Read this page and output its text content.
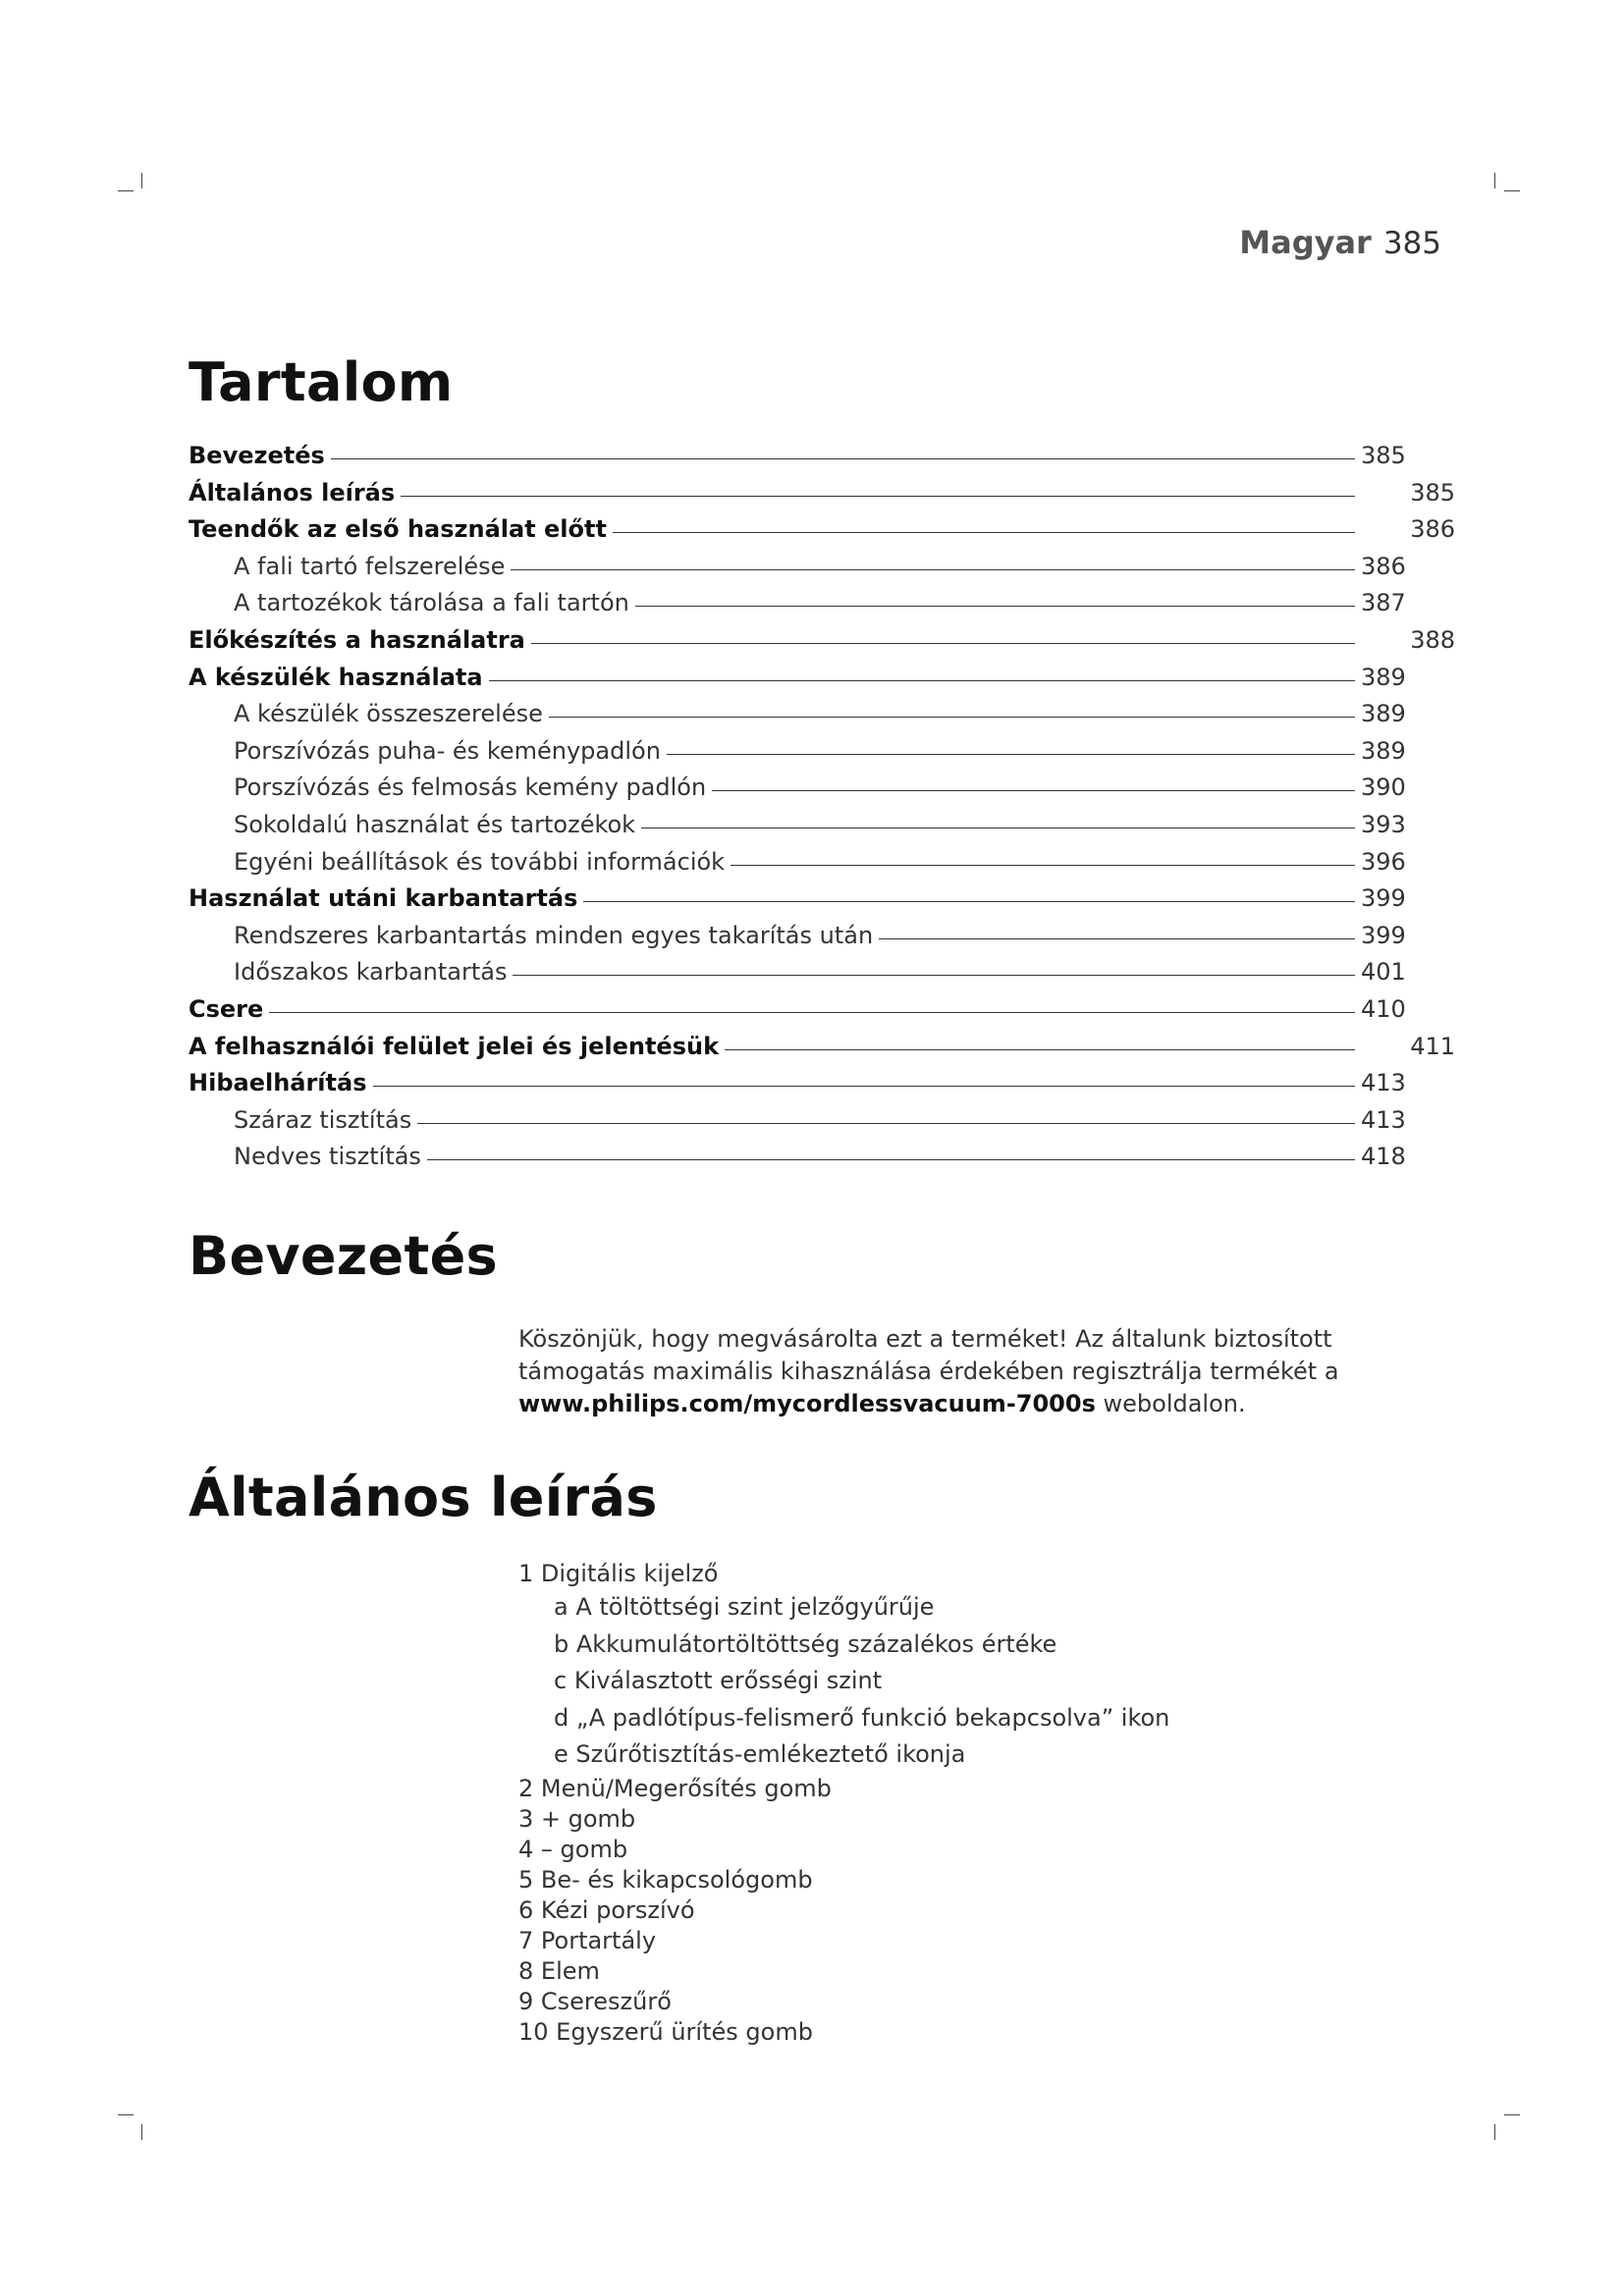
Magyar 385
Tartalom
Bevezetés	385
Általános leírás	385
Teendők az első használat előtt	386
A fali tartó felszerelése	386
A tartozékok tárolása a fali tartón	387
Előkészítés a használatra	388
A készülék használata	389
A készülék összeszerelése	389
Porszívózás puha- és keménypadlón	389
Porszívózás és felmosás kemény padlón	390
Sokoldalú használat és tartozékok	393
Egyéni beállítások és további információk	396
Használat utáni karbantartás	399
Rendszeres karbantartás minden egyes takarítás után	399
Időszakos karbantartás	401
Csere	410
A felhasználói felület jelei és jelentésük	411
Hibaelhárítás	413
Száraz tisztítás	413
Nedves tisztítás	418
Bevezetés
Köszönjük, hogy megvásárolta ezt a terméket! Az általunk biztosított támogatás maximális kihasználása érdekében regisztrálja termékét a www.philips.com/mycordlessvacuum-7000s weboldalon.
Általános leírás
1 Digitális kijelző
a A töltöttségi szint jelzőgyűrűje
b Akkumulátortöltöttség százalékos értéke
c Kiválasztott erősségi szint
d „A padlótípus-felismerő funkció bekapcsolva” ikon
e Szűrőtisztítás-emlékeztető ikonja
2 Menü/Megerősítés gomb
3 + gomb
4 – gomb
5 Be- és kikapcsológomb
6 Kézi porszívó
7 Portartály
8 Elem
9 Csereszűrő
10 Egyszerű ürítés gomb
